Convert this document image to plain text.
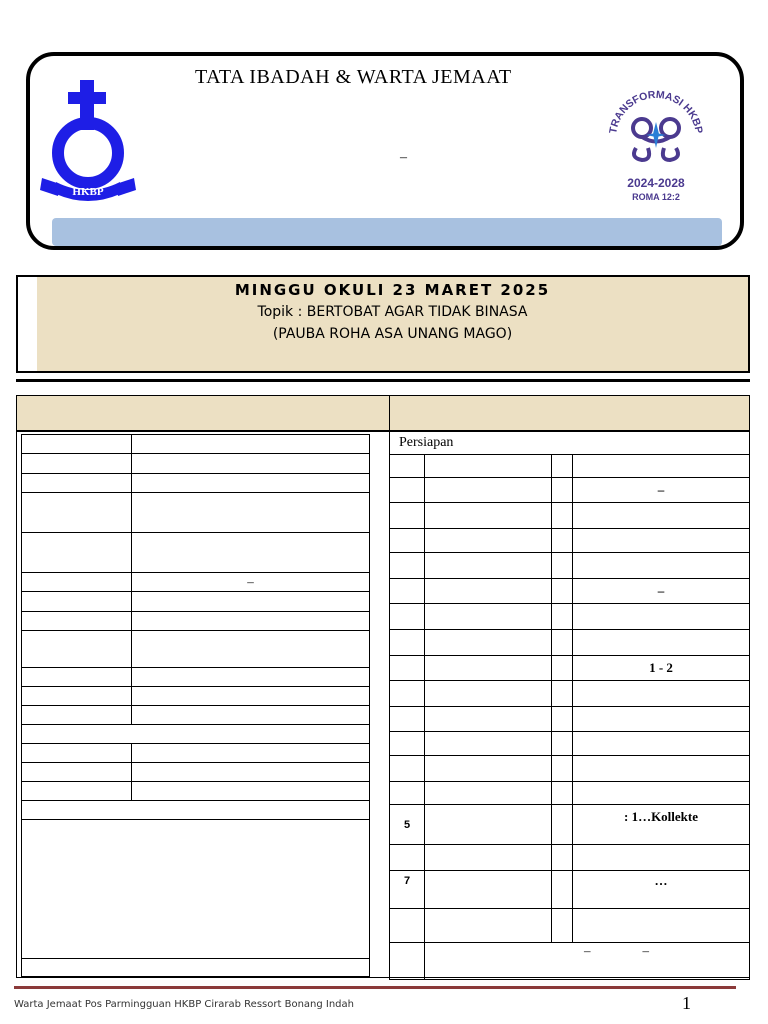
HKBP
TATA IBADAH & WARTA JEMAAT
–
TRANSFORMASI HKBP
2024-2028
ROMA 12:2
MINGGU OKULI 23 MARET 2025
Topik : BERTOBAT AGAR TIDAK BINASA
(PAUBA ROHA ASA UNANG MAGO)

	–

Persiapan

			–

			–

			1 - 2

5			: 1…Kollekte

7			…

	–                –		
Warta Jemaat Pos Parmingguan HKBP Cirarab Ressort Bonang Indah	1
